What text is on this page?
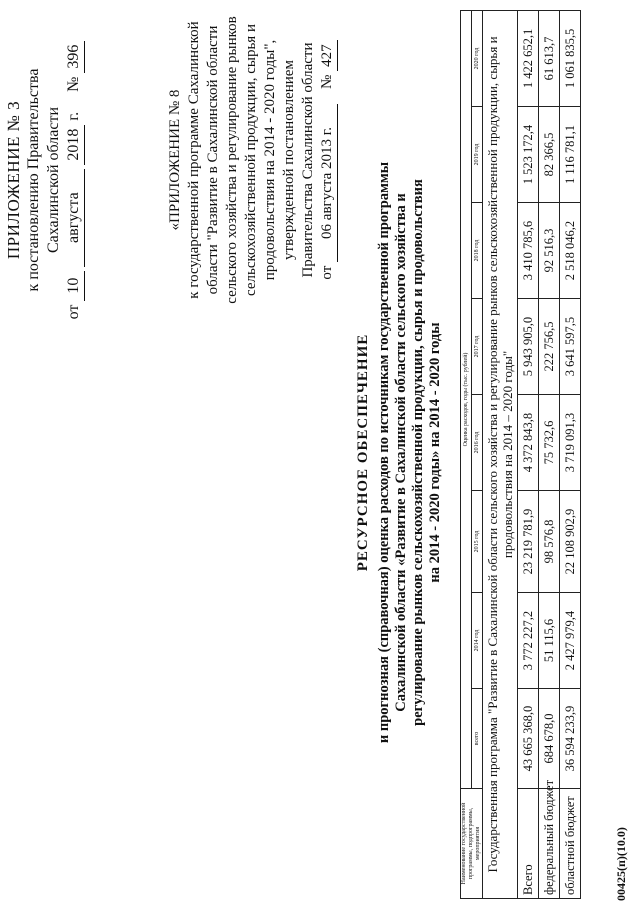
ПРИЛОЖЕНИЕ № 3 к постановлению Правительства Сахалинской области
от 10 августа 2018 г.     № 396
«ПРИЛОЖЕНИЕ № 8 к государственной программе Сахалинской области "Развитие в Сахалинской области сельского хозяйства и регулирование рынков сельскохозяйственной продукции, сырья и продовольствия на 2014 - 2020 годы", утвержденной постановлением Правительства Сахалинской области от 06 августа 2013 г.    № 427
РЕСУРСНОЕ ОБЕСПЕЧЕНИЕ и прогнозная (справочная) оценка расходов по источникам государственной программы Сахалинской области «Развитие в Сахалинской области сельского хозяйства и регулирование рынков сельскохозяйственной продукции, сырья и продовольствия на 2014 - 2020 годы» на 2014 - 2020 годы
Наименование государственной программы, подпрограммы, мероприятия	Оценка расходов, годы (тыс. рублей)							
	всего	2014 год	2015 год	2016 год	2017 год	2018 год	2019 год	2020 год
Государственная программа "Развитие в Сахалинской области сельского хозяйства и регулирование рынков сельскохозяйственной продукции, сырья и продовольствия на 2014 – 2020 годы"								
Всего	43 665 368,0	3 772 227,2	23 219 781,9	4 372 843,8	5 943 905,0	3 410 785,6	1 523 172,4	1 422 652,1
федеральный бюджет	684 678,0	51 115,6	98 576,8	75 732,6	222 756,5	92 516,3	82 366,5	61 613,7
областной бюджет	36 594 233,9	2 427 979,4	22 108 902,9	3 719 091,3	3 641 597,5	2 518 046,2	1 116 781,1	1 061 835,5
00425(п)(10.0)
